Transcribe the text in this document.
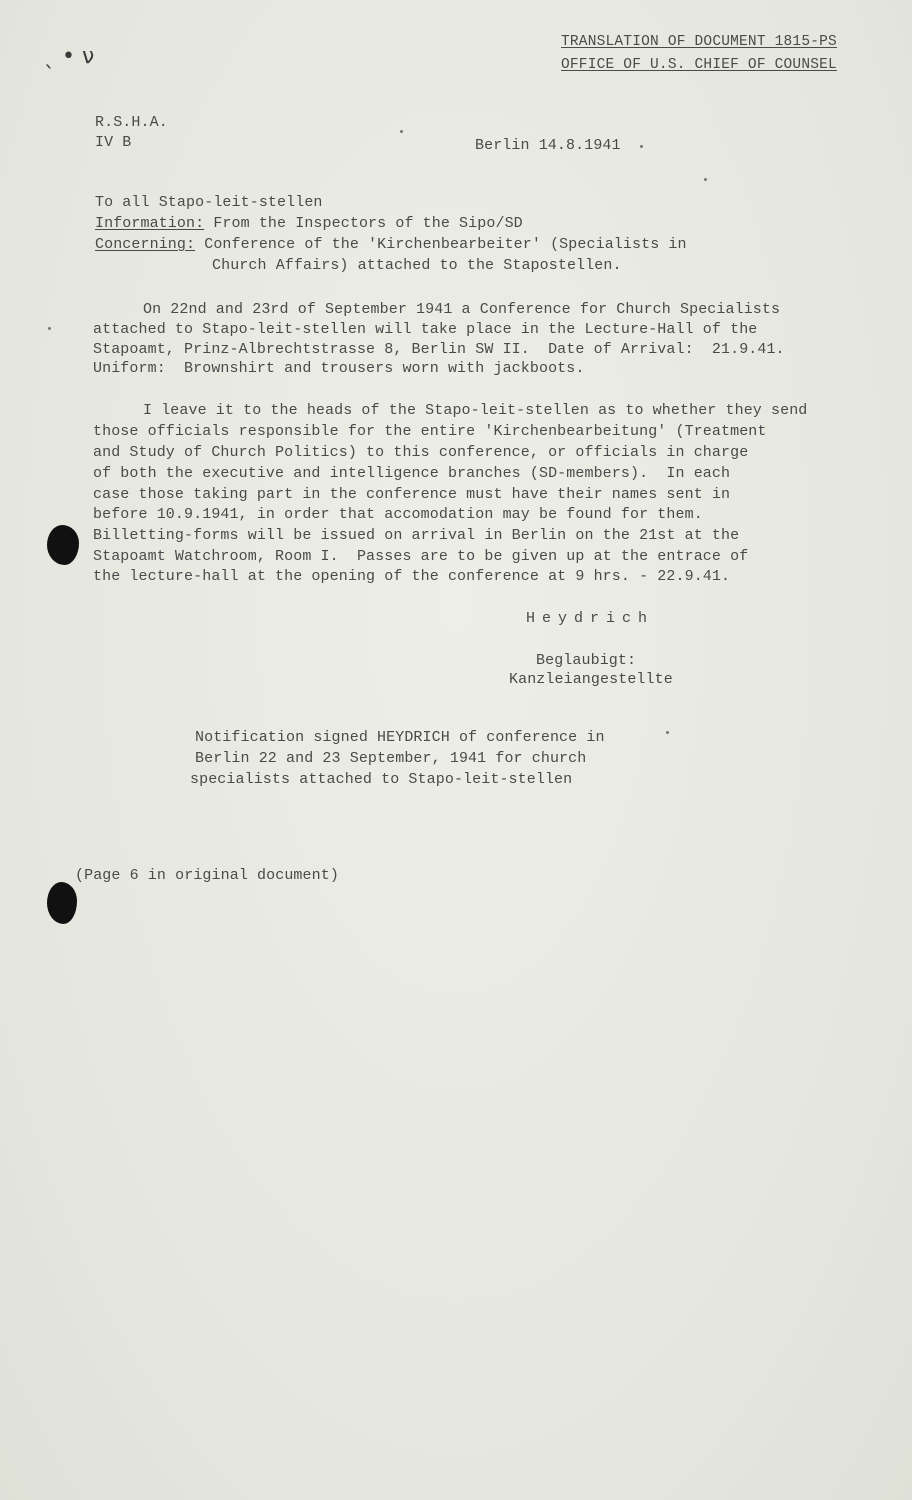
ˎ • ν
TRANSLATION OF DOCUMENT 1815-PS
OFFICE OF U.S. CHIEF OF COUNSEL
R.S.H.A.
IV B	Berlin 14.8.1941
To all Stapo-leit-stellen
Information: From the Inspectors of the Sipo/SD
Concerning: Conference of the 'Kirchenbearbeiter' (Specialists in
Church Affairs) attached to the Stapostellen.
On 22nd and 23rd of September 1941 a Conference for Church Specialists
attached to Stapo-leit-stellen will take place in the Lecture-Hall of the
Stapoamt, Prinz-Albrechtstrasse 8, Berlin SW II.  Date of Arrival:  21.9.41.
Uniform:  Brownshirt and trousers worn with jackboots.
I leave it to the heads of the Stapo-leit-stellen as to whether they send
those officials responsible for the entire 'Kirchenbearbeitung' (Treatment
and Study of Church Politics) to this conference, or officials in charge
of both the executive and intelligence branches (SD-members).  In each
case those taking part in the conference must have their names sent in
before 10.9.1941, in order that accomodation may be found for them.
Billetting-forms will be issued on arrival in Berlin on the 21st at the
Stapoamt Watchroom, Room I.  Passes are to be given up at the entrace of
the lecture-hall at the opening of the conference at 9 hrs. - 22.9.41.
Heydrich
Beglaubigt:
Kanzleiangestellte
Notification signed HEYDRICH of conference in
Berlin 22 and 23 September, 1941 for church
specialists attached to Stapo-leit-stellen
(Page 6 in original document)
